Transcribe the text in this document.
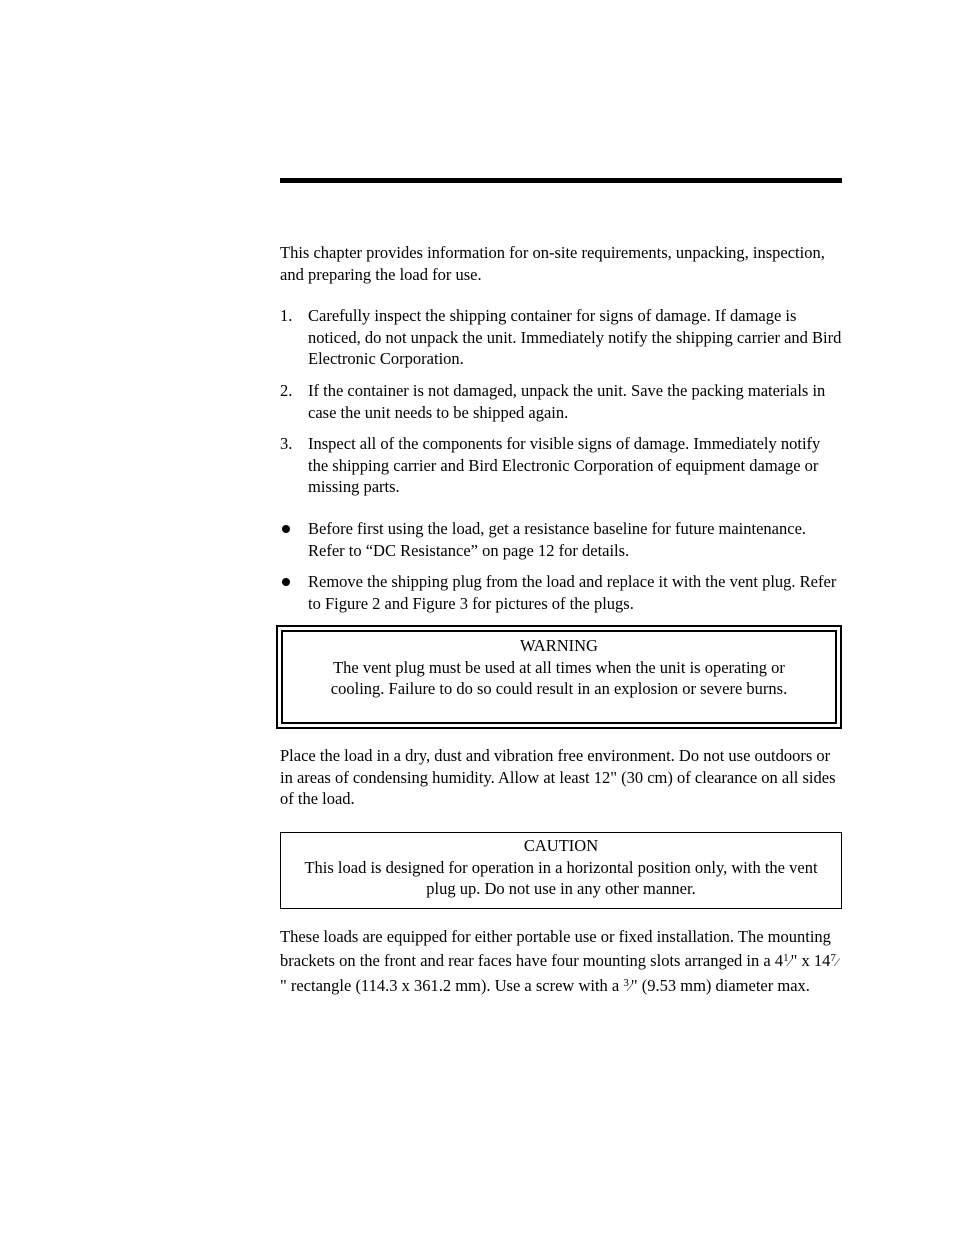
This chapter provides information for on-site requirements, unpacking, inspection, and preparing the load for use.

1. Carefully inspect the shipping container for signs of damage. If damage is noticed, do not unpack the unit. Immediately notify the shipping carrier and Bird Electronic Corporation.
2. If the container is not damaged, unpack the unit. Save the packing materials in case the unit needs to be shipped again.
3. Inspect all of the components for visible signs of damage. Immediately notify the shipping carrier and Bird Electronic Corporation of equipment damage or missing parts.
Before first using the load, get a resistance baseline for future maintenance. Refer to “DC Resistance” on page 12 for details.
Remove the shipping plug from the load and replace it with the vent plug. Refer to Figure 2 and Figure 3 for pictures of the plugs.
WARNING
The vent plug must be used at all times when the unit is operating or cooling. Failure to do so could result in an explosion or severe burns.

Place the load in a dry, dust and vibration free environment. Do not use outdoors or in areas of condensing humidity. Allow at least 12" (30 cm) of clearance on all sides of the load.

CAUTION
This load is designed for operation in a horizontal position only, with the vent plug up. Do not use in any other manner.

These loads are equipped for either portable use or fixed installation. The mounting brackets on the front and rear faces have four mounting slots arranged in a $4^1⁄$" x $14^7⁄$ " rectangle (114.3 x 361.2 mm). Use a screw with a $^3$⁄" (9.53 mm) diameter max.
